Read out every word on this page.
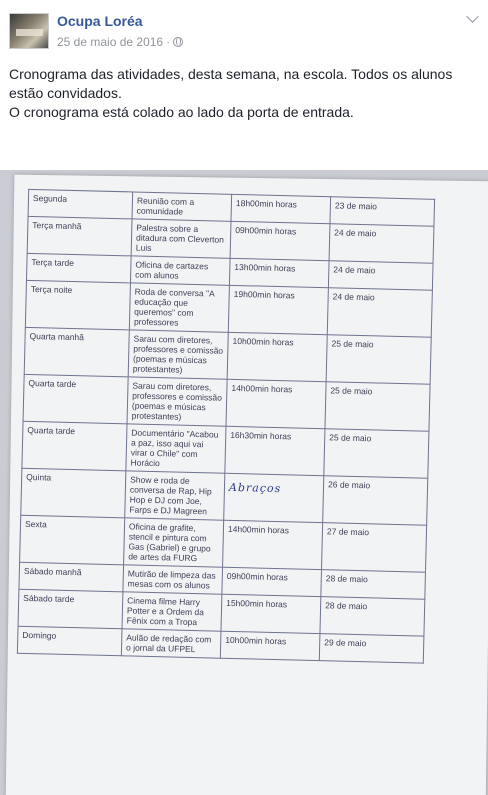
Ocupa Loréa
25 de maio de 2016 ·

Cronograma das atividades, desta semana, na escola. Todos os alunos

estão convidados.

O cronograma está colado ao lado da porta de entrada.

Segunda	Reunião com a comunidade	18h00min horas	23 de maio
Terça manhã	Palestra sobre a ditadura com Cleverton Luis	09h00min horas	24 de maio
Terça tarde	Oficina de cartazes com alunos	13h00min horas	24 de maio
Terça noite	Roda de conversa "A educação que queremos" com professores	19h00min horas	24 de maio
Quarta manhã	Sarau com diretores, professores e comissão (poemas e músicas protestantes)	10h00min horas	25 de maio
Quarta tarde	Sarau com diretores, professores e comissão (poemas e músicas protestantes)	14h00min horas	25 de maio
Quarta tarde	Documentário "Acabou a paz, isso aqui vai virar o Chile" com Horácio	16h30min horas	25 de maio
Quinta	Show e roda de conversa de Rap, Hip Hop e DJ com Joe, Farps e DJ Magreen	Abraços	26 de maio
Sexta	Oficina de grafite, stencil e pintura com Gas (Gabriel) e grupo de artes da FURG	14h00min horas	27 de maio
Sábado manhã	Mutirão de limpeza das mesas com os alunos	09h00min horas	28 de maio
Sábado tarde	Cinema filme Harry Potter e a Ordem da Fênix com a Tropa	15h00min horas	28 de maio
Domingo	Aulão de redação com o jornal da UFPEL	10h00min horas	29 de maio
